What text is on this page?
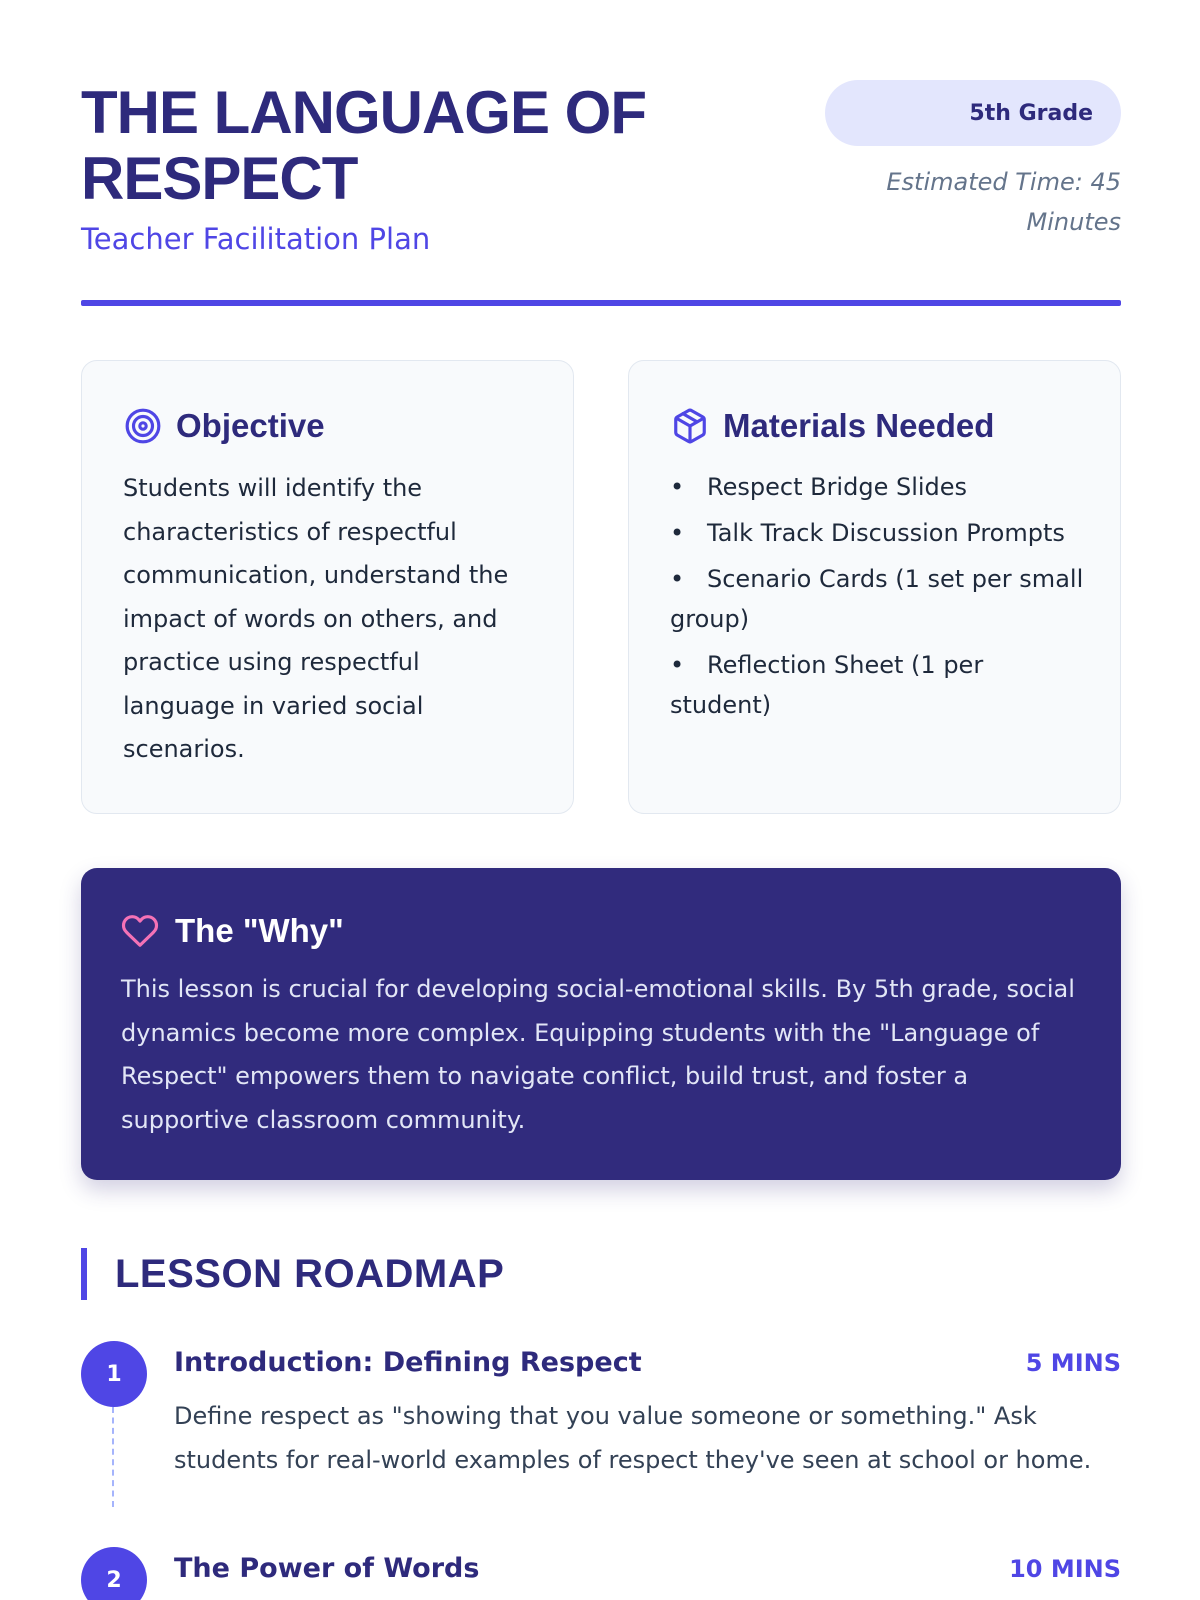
THE LANGUAGE OF RESPECT
Teacher Facilitation Plan
5th Grade
Estimated Time: 45 Minutes
Objective

Students will identify the characteristics of respectful communication, understand the impact of words on others, and practice using respectful language in varied social scenarios.

Materials Needed
• Respect Bridge Slides
• Talk Track Discussion Prompts
• Scenario Cards (1 set per small group)
• Reflection Sheet (1 per student)
The "Why"

This lesson is crucial for developing social-emotional skills. By 5th grade, social dynamics become more complex. Equipping students with the "Language of Respect" empowers them to navigate conflict, build trust, and foster a supportive classroom community.

LESSON ROADMAP
1	Introduction: Defining Respect	5 MINS

Define respect as "showing that you value someone or something." Ask students for real-world examples of respect they've seen at school or home.

2	The Power of Words	10 MINS
